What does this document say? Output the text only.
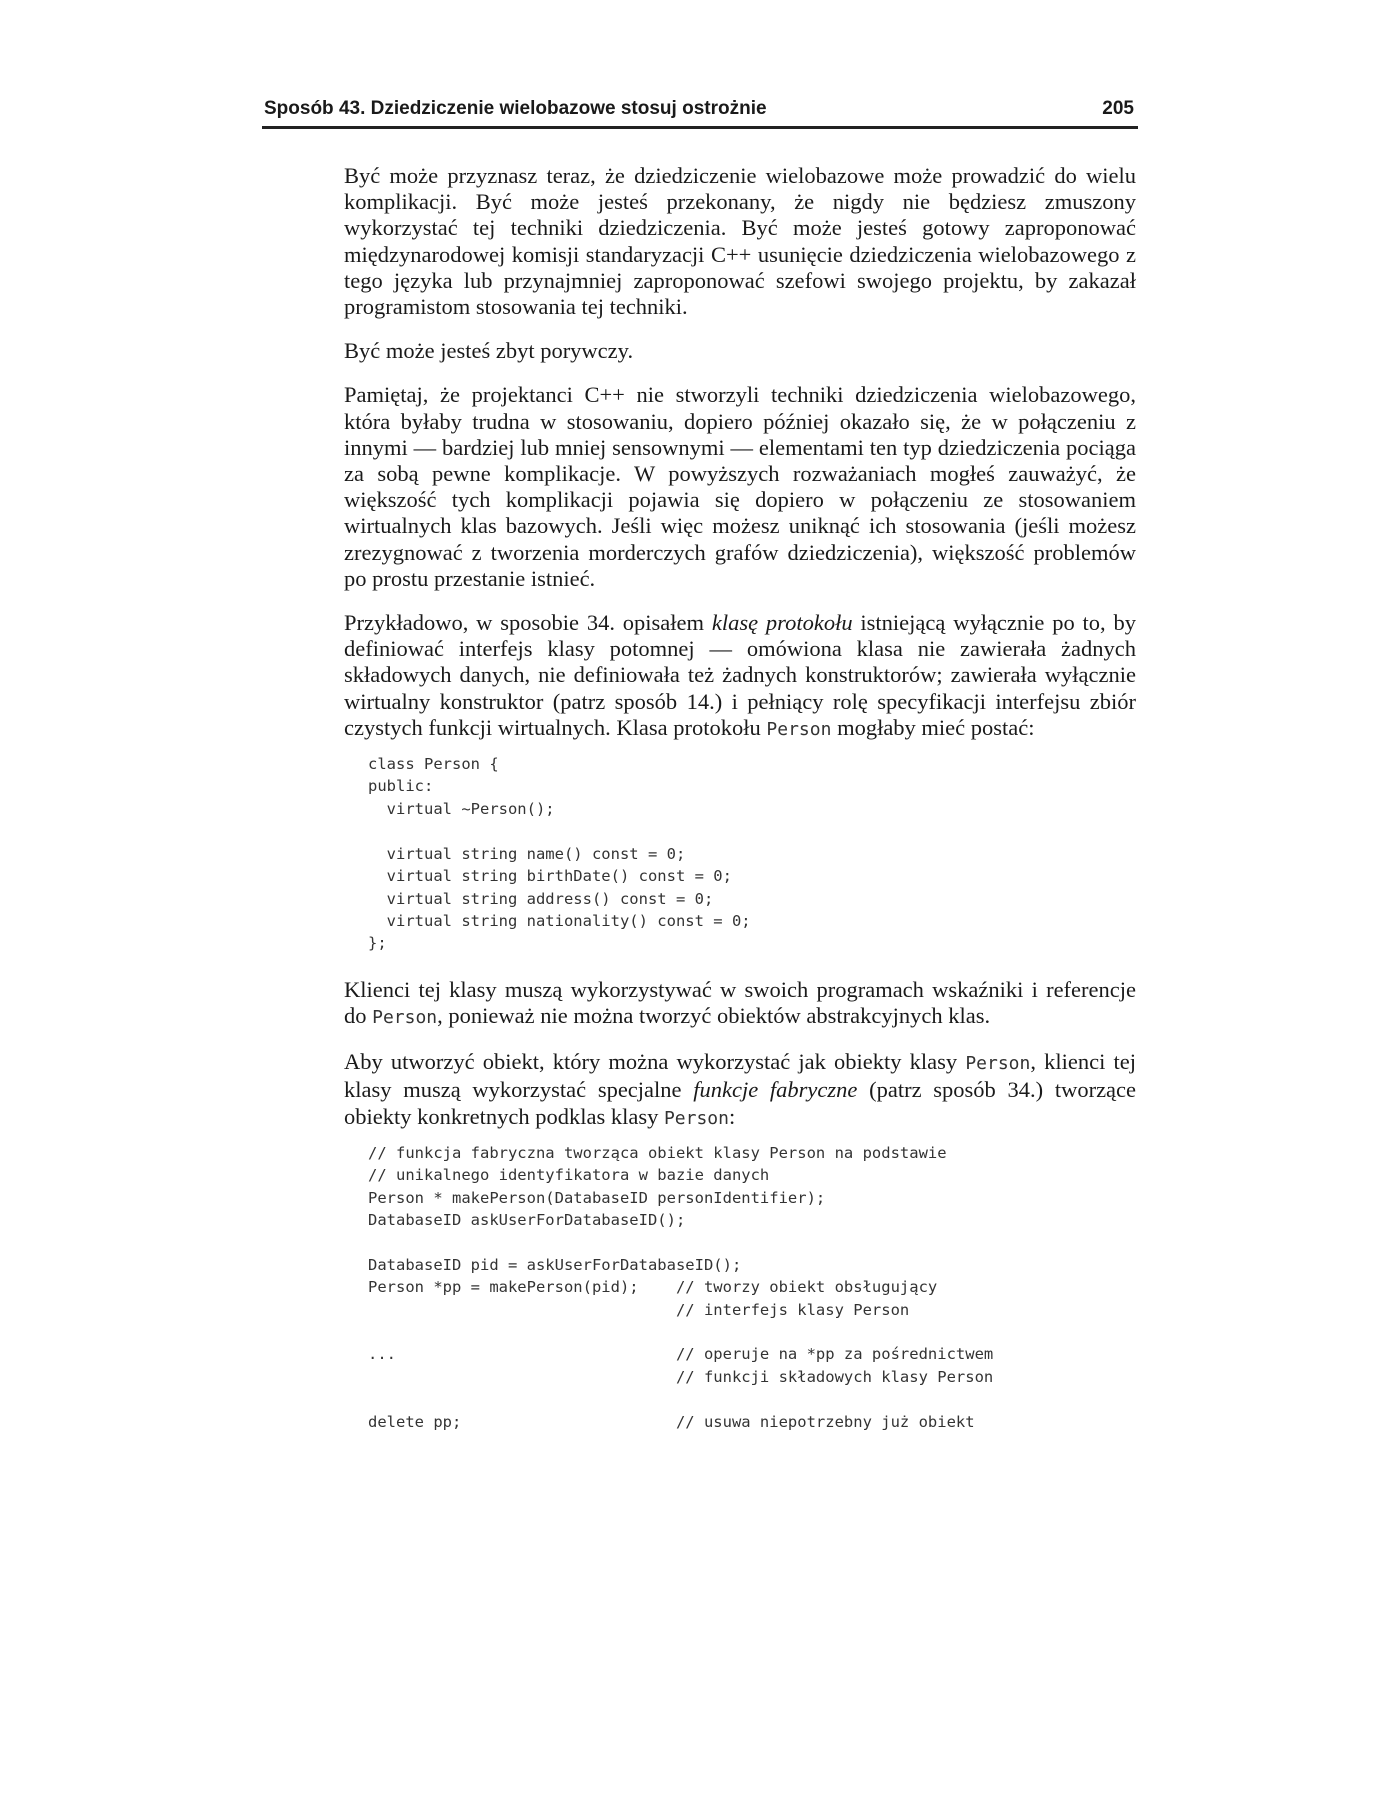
Sposób 43. Dziedziczenie wielobazowe stosuj ostrożnie	205

Być może przyznasz teraz, że dziedziczenie wielobazowe może prowadzić do wielu komplikacji. Być może jesteś przekonany, że nigdy nie będziesz zmuszony wykorzystać tej techniki dziedziczenia. Być może jesteś gotowy zaproponować międzynarodowej komisji standaryzacji C++ usunięcie dziedziczenia wielobazowego z tego języka lub przynajmniej zaproponować szefowi swojego projektu, by zakazał programistom stosowania tej techniki.

Być może jesteś zbyt porywczy.

Pamiętaj, że projektanci C++ nie stworzyli techniki dziedziczenia wielobazowego, która byłaby trudna w stosowaniu, dopiero później okazało się, że w połączeniu z innymi — bardziej lub mniej sensownymi — elementami ten typ dziedziczenia pociąga za sobą pewne komplikacje. W powyższych rozważaniach mogłeś zauważyć, że większość tych komplikacji pojawia się dopiero w połączeniu ze stosowaniem wirtualnych klas bazowych. Jeśli więc możesz uniknąć ich stosowania (jeśli możesz zrezygnować z tworzenia morderczych grafów dziedziczenia), większość problemów po prostu przestanie istnieć.

Przykładowo, w sposobie 34. opisałem klasę protokołu istniejącą wyłącznie po to, by definiować interfejs klasy potomnej — omówiona klasa nie zawierała żadnych składowych danych, nie definiowała też żadnych konstruktorów; zawierała wyłącznie wirtualny konstruktor (patrz sposób 14.) i pełniący rolę specyfikacji interfejsu zbiór czystych funkcji wirtualnych. Klasa protokołu Person mogłaby mieć postać:

class Person {
public:
virtual ~Person();

virtual string name() const = 0;
virtual string birthDate() const = 0;
virtual string address() const = 0;
virtual string nationality() const = 0;
};

Klienci tej klasy muszą wykorzystywać w swoich programach wskaźniki i referencje do Person, ponieważ nie można tworzyć obiektów abstrakcyjnych klas.

Aby utworzyć obiekt, który można wykorzystać jak obiekty klasy Person, klienci tej klasy muszą wykorzystać specjalne funkcje fabryczne (patrz sposób 34.) tworzące obiekty konkretnych podklas klasy Person:

// funkcja fabryczna tworząca obiekt klasy Person na podstawie
// unikalnego identyfikatora w bazie danych
Person * makePerson(DatabaseID personIdentifier);
DatabaseID askUserForDatabaseID();

DatabaseID pid = askUserForDatabaseID();
Person *pp = makePerson(pid);    // tworzy obiekt obsługujący
// interfejs klasy Person

...                              // operuje na *pp za pośrednictwem
// funkcji składowych klasy Person

delete pp;                       // usuwa niepotrzebny już obiekt
